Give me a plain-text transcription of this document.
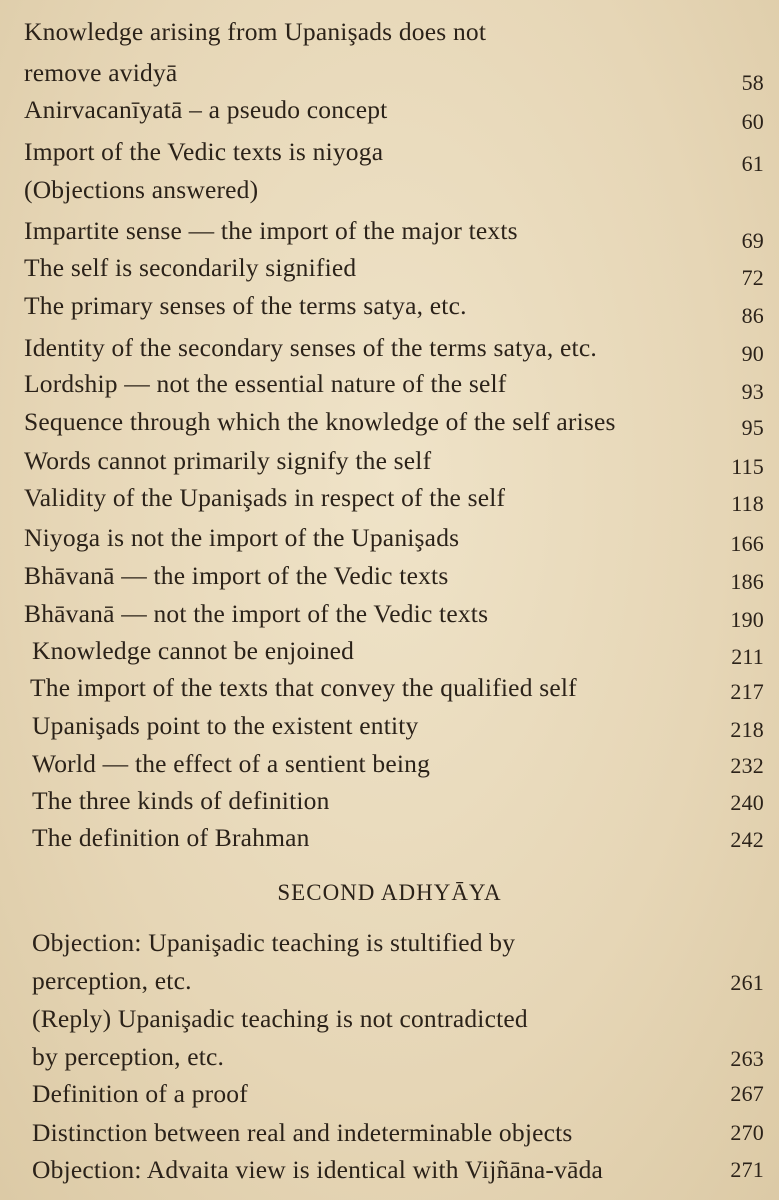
Knowledge arising from Upanişads does not
remove avidyā	58
Anirvacanīyatā – a pseudo concept	60
Import of the Vedic texts is niyoga	61
(Objections answered)
Impartite sense — the import of the major texts	69
The self is secondarily signified	72
The primary senses of the terms satya, etc.	86
Identity of the secondary senses of the terms satya, etc.	90
Lordship — not the essential nature of the self	93
Sequence through which the knowledge of the self arises	95
Words cannot primarily signify the self	115
Validity of the Upanişads in respect of the self	118
Niyoga is not the import of the Upanişads	166
Bhāvanā — the import of the Vedic texts	186
Bhāvanā — not the import of the Vedic texts	190
Knowledge cannot be enjoined	211
The import of the texts that convey the qualified self	217
Upanişads point to the existent entity	218
World — the effect of a sentient being	232
The three kinds of definition	240
The definition of Brahman	242
SECOND ADHYĀYA
Objection: Upanişadic teaching is stultified by
perception, etc.	261
(Reply) Upanişadic teaching is not contradicted
by perception, etc.	263
Definition of a proof	267
Distinction between real and indeterminable objects	270
Objection: Advaita view is identical with Vijñāna-vāda	271
